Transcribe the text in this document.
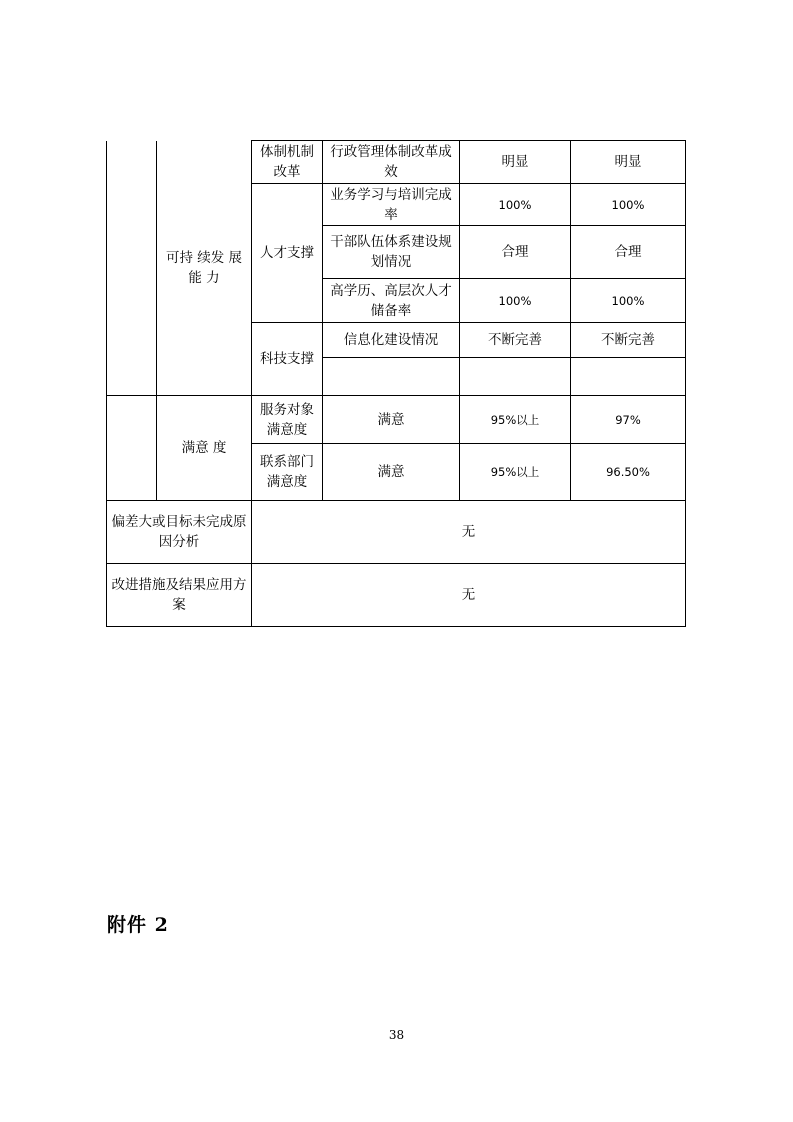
	可持 续发 展 能 力	体制机制改革	行政管理体制改革成效	明显	明显
		人才支撑	业务学习与培训完成率	100%	100%
			干部队伍体系建设规划情况	合理	合理
			高学历、高层次人才储备率	100%	100%
		科技支撑	信息化建设情况	不断完善	不断完善

	满意 度	服务对象满意度	满意	95%以上	97%
		联系部门满意度	满意	95%以上	96.50%
偏差大或目标未完成原因分析		无			
改进措施及结果应用方案		无			
附件 2
38
